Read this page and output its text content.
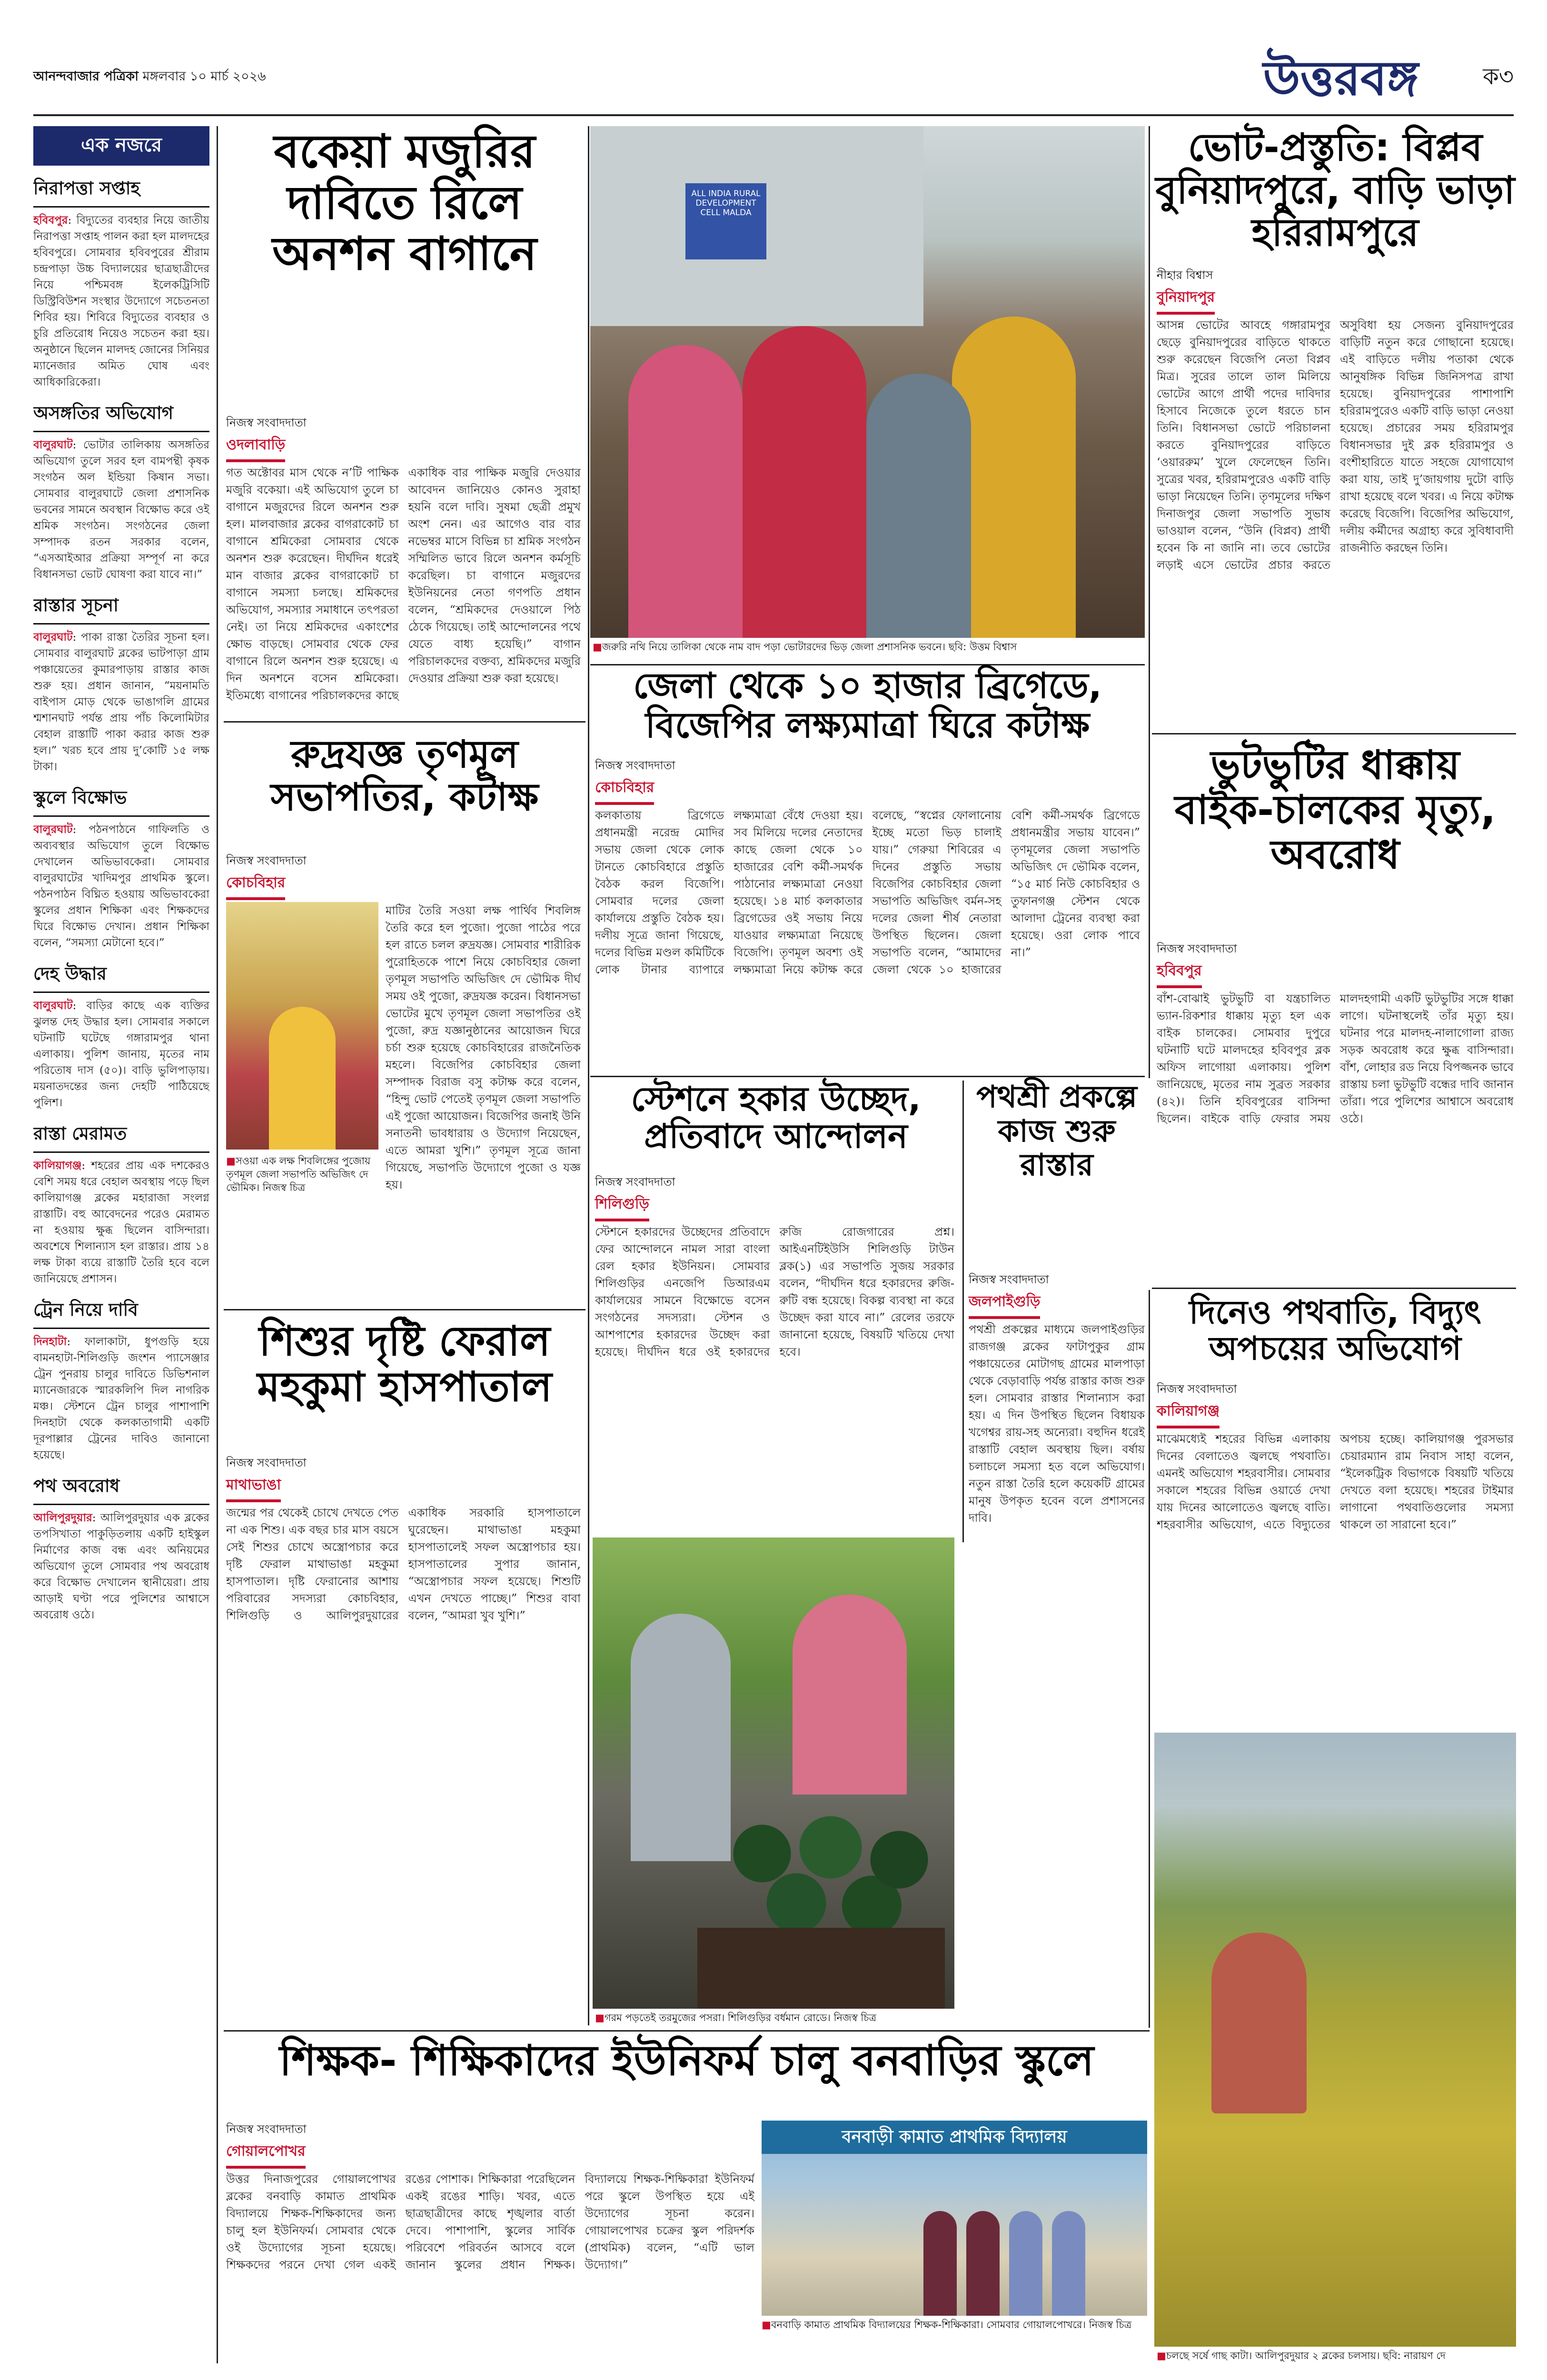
আনন্দবাজার পত্রিকা মঙ্গলবার ১০ মার্চ ২০২৬	উত্তরবঙ্গ	ক৩
এক নজরে
নিরাপত্তা সপ্তাহ
হবিবপুর: বিদ্যুতের ব্যবহার নিয়ে জাতীয় নিরাপত্তা সপ্তাহ পালন করা হল মালদহের হবিবপুরে। সোমবার হবিবপুরের শ্রীরাম চন্দ্রপাড়া উচ্চ বিদ্যালয়ের ছাত্রছাত্রীদের নিয়ে পশ্চিমবঙ্গ ইলেকট্রিসিটি ডিস্ট্রিবিউশন সংস্থার উদ্যোগে সচেতনতা শিবির হয়। শিবিরে বিদ্যুতের ব্যবহার ও চুরি প্রতিরোধ নিয়েও সচেতন করা হয়। অনুষ্ঠানে ছিলেন মালদহ জোনের সিনিয়র ম্যানেজার অমিত ঘোষ এবং আধিকারিকেরা।
অসঙ্গতির অভিযোগ
বালুরঘাট: ভোটার তালিকায় অসঙ্গতির অভিযোগ তুলে সরব হল বামপন্থী কৃষক সংগঠন অল ইন্ডিয়া কিষান সভা। সোমবার বালুরঘাটে জেলা প্রশাসনিক ভবনের সামনে অবস্থান বিক্ষোভ করে ওই শ্রমিক সংগঠন। সংগঠনের জেলা সম্পাদক রতন সরকার বলেন, “এসআইআর প্রক্রিয়া সম্পূর্ণ না করে বিধানসভা ভোট ঘোষণা করা যাবে না।”
রাস্তার সূচনা
বালুরঘাট: পাকা রাস্তা তৈরির সূচনা হল। সোমবার বালুরঘাট ব্লকের ভাটপাড়া গ্রাম পঞ্চায়েতের কুমারপাড়ায় রাস্তার কাজ শুরু হয়। প্রধান জানান, “ময়নামতি বাইপাস মোড় থেকে ভাঙাগলি গ্রামের শ্মশানঘাট পর্যন্ত প্রায় পাঁচ কিলোমিটার বেহাল রাস্তাটি পাকা করার কাজ শুরু হল।” খরচ হবে প্রায় দু’কোটি ১৫ লক্ষ টাকা।
স্কুলে বিক্ষোভ
বালুরঘাট: পঠনপাঠনে গাফিলতি ও অব্যবস্থার অভিযোগ তুলে বিক্ষোভ দেখালেন অভিভাবকেরা। সোমবার বালুরঘাটের খাদিমপুর প্রাথমিক স্কুলে। পঠনপাঠন বিঘ্নিত হওয়ায় অভিভাবকেরা স্কুলের প্রধান শিক্ষিকা এবং শিক্ষকদের ঘিরে বিক্ষোভ দেখান। প্রধান শিক্ষিকা বলেন, “সমস্যা মেটানো হবে।”
দেহ উদ্ধার
বালুরঘাট: বাড়ির কাছে এক ব্যক্তির ঝুলন্ত দেহ উদ্ধার হল। সোমবার সকালে ঘটনাটি ঘটেছে গঙ্গারামপুর থানা এলাকায়। পুলিশ জানায়, মৃতের নাম পরিতোষ দাস (৫০)। বাড়ি ভুলিপাড়ায়। ময়নাতদন্তের জন্য দেহটি পাঠিয়েছে পুলিশ।
রাস্তা মেরামত
কালিয়াগঞ্জ: শহরের প্রায় এক দশকেরও বেশি সময় ধরে বেহাল অবস্থায় পড়ে ছিল কালিয়াগঞ্জ ব্লকের মহারাজা সংলগ্ন রাস্তাটি। বহু আবেদনের পরেও মেরামত না হওয়ায় ক্ষুব্ধ ছিলেন বাসিন্দারা। অবশেষে শিলান্যাস হল রাস্তার। প্রায় ১৪ লক্ষ টাকা ব্যয়ে রাস্তাটি তৈরি হবে বলে জানিয়েছে প্রশাসন।
ট্রেন নিয়ে দাবি
দিনহাটা: ফালাকাটা, ধুপগুড়ি হয়ে বামনহাটা-শিলিগুড়ি জংশন প্যাসেঞ্জার ট্রেন পুনরায় চালুর দাবিতে ডিভিশনাল ম্যানেজারকে স্মারকলিপি দিল নাগরিক মঞ্চ। স্টেশনে ট্রেন চালুর পাশাপাশি দিনহাটা থেকে কলকাতাগামী একটি দূরপাল্লার ট্রেনের দাবিও জানানো হয়েছে।
পথ অবরোধ
আলিপুরদুয়ার: আলিপুরদুয়ার এক ব্লকের তপসিখাতা পাকুড়িতলায় একটি হাইস্কুল নির্মাণের কাজ বন্ধ এবং অনিয়মের অভিযোগ তুলে সোমবার পথ অবরোধ করে বিক্ষোভ দেখালেন স্থানীয়েরা। প্রায় আড়াই ঘণ্টা পরে পুলিশের আশ্বাসে অবরোধ ওঠে।
বকেয়া মজুরির দাবিতে রিলে অনশন বাগানে
নিজস্ব সংবাদদাতা
ওদলাবাড়ি
গত অক্টোবর মাস থেকে ন’টি পাক্ষিক মজুরি বকেয়া। এই অভিযোগ তুলে চা বাগানে মজুরদের রিলে অনশন শুরু হল। মালবাজার ব্লকের বাগরাকোট চা বাগানে শ্রমিকেরা সোমবার থেকে অনশন শুরু করেছেন। দীর্ঘদিন ধরেই মান বাজার ব্লকের বাগরাকোট চা বাগানে সমস্যা চলছে। শ্রমিকদের অভিযোগ, সমস্যার সমাধানে তৎপরতা নেই। তা নিয়ে শ্রমিকদের একাংশের ক্ষোভ বাড়ছে। সোমবার থেকে ফের বাগানে রিলে অনশন শুরু হয়েছে। এ দিন অনশনে বসেন শ্রমিকেরা। ইতিমধ্যে বাগানের পরিচালকদের কাছে একাধিক বার পাক্ষিক মজুরি দেওয়ার আবেদন জানিয়েও কোনও সুরাহা হয়নি বলে দাবি। সুষমা ছেত্রী প্রমুখ অংশ নেন। এর আগেও বার বার নভেম্বর মাসে বিভিন্ন চা শ্রমিক সংগঠন সম্মিলিত ভাবে রিলে অনশন কর্মসূচি করেছিল। চা বাগানে মজুরদের ইউনিয়নের নেতা গণপতি প্রধান বলেন, “শ্রমিকদের দেওয়ালে পিঠ ঠেকে গিয়েছে। তাই আন্দোলনের পথে যেতে বাধ্য হয়েছি।” বাগান পরিচালকদের বক্তব্য, শ্রমিকদের মজুরি দেওয়ার প্রক্রিয়া শুরু করা হয়েছে।
ALL INDIA RURAL DEVELOPMENT CELL MALDA
■ জরুরি নথি নিয়ে তালিকা থেকে নাম বাদ পড়া ভোটারদের ভিড় জেলা প্রশাসনিক ভবনে। ছবি: উত্তম বিশ্বাস
ভোট-প্রস্তুতি: বিপ্লব বুনিয়াদপুরে, বাড়ি ভাড়া হরিরামপুরে
নীহার বিশ্বাস
বুনিয়াদপুর
আসন্ন ভোটের আবহে গঙ্গারামপুর ছেড়ে বুনিয়াদপুরের বাড়িতে থাকতে শুরু করেছেন বিজেপি নেতা বিপ্লব মিত্র। সুরের তালে তাল মিলিয়ে ভোটের আগে প্রার্থী পদের দাবিদার হিসাবে নিজেকে তুলে ধরতে চান তিনি। বিধানসভা ভোটে পরিচালনা করতে বুনিয়াদপুরের বাড়িতে ‘ওয়াররুম’ খুলে ফেলেছেন তিনি। সুত্রের খবর, হরিরামপুরেও একটি বাড়ি ভাড়া নিয়েছেন তিনি। তৃণমূলের দক্ষিণ দিনাজপুর জেলা সভাপতি সুভাষ ভাওয়াল বলেন, “উনি (বিপ্লব) প্রার্থী হবেন কি না জানি না। তবে ভোটের লড়াই এসে ভোটের প্রচার করতে অসুবিধা হয় সেজন্য বুনিয়াদপুরের বাড়িটি নতুন করে গোছানো হয়েছে। এই বাড়িতে দলীয় পতাকা থেকে আনুষঙ্গিক বিভিন্ন জিনিসপত্র রাখা হয়েছে। বুনিয়াদপুরের পাশাপাশি হরিরামপুরেও একটি বাড়ি ভাড়া নেওয়া হয়েছে। প্রচারের সময় হরিরামপুর বিধানসভার দুই ব্লক হরিরামপুর ও বংশীহারিতে যাতে সহজে যোগাযোগ করা যায়, তাই দু’জায়গায় দুটো বাড়ি রাখা হয়েছে বলে খবর। এ নিয়ে কটাক্ষ করেছে বিজেপি। বিজেপির অভিযোগ, দলীয় কর্মীদের অগ্রাহ্য করে সুবিধাবাদী রাজনীতি করছেন তিনি।
রুদ্রযজ্ঞ তৃণমূল সভাপতির, কটাক্ষ
নিজস্ব সংবাদদাতা
কোচবিহার
■ সওয়া এক লক্ষ শিবলিঙ্গের পুজোয় তৃণমূল জেলা সভাপতি অভিজিৎ দে ভৌমিক। নিজস্ব চিত্র
মাটির তৈরি সওয়া লক্ষ পার্থিব শিবলিঙ্গ তৈরি করে হল পুজো। পুজো পাঠের পরে হল রাতে চলল রুদ্রযজ্ঞ। সোমবার শারীরিক পুরোহিতকে পাশে নিয়ে কোচবিহার জেলা তৃণমূল সভাপতি অভিজিৎ দে ভৌমিক দীর্ঘ সময় ওই পুজো, রুদ্রযজ্ঞ করেন। বিধানসভা ভোটের মুখে তৃণমূল জেলা সভাপতির ওই পুজো, রুদ্র যজ্ঞানুষ্ঠানের আয়োজন ঘিরে চর্চা শুরু হয়েছে কোচবিহারের রাজনৈতিক মহলে। বিজেপির কোচবিহার জেলা সম্পাদক বিরাজ বসু কটাক্ষ করে বলেন, “হিন্দু ভোট পেতেই তৃণমূল জেলা সভাপতি এই পুজো আয়োজন। বিজেপির জনাই উনি সনাতনী ভাবধারায় ও উদ্যোগ নিয়েছেন, এতে আমরা খুশি।” তৃণমূল সূত্রে জানা গিয়েছে, সভাপতি উদ্যোগে পুজো ও যজ্ঞ হয়।
জেলা থেকে ১০ হাজার ব্রিগেডে, বিজেপির লক্ষ্যমাত্রা ঘিরে কটাক্ষ
নিজস্ব সংবাদদাতা
কোচবিহার
কলকাতায় ব্রিগেডে প্রধানমন্ত্রী নরেন্দ্র মোদির সভায় জেলা থেকে লোক টানতে কোচবিহারে প্রস্তুতি বৈঠক করল বিজেপি। সোমবার দলের জেলা কার্যালয়ে প্রস্তুতি বৈঠক হয়। দলীয় সূত্রে জানা গিয়েছে, দলের বিভিন্ন মণ্ডল কমিটিকে লোক টানার ব্যাপারে লক্ষ্যমাত্রা বেঁধে দেওয়া হয়। সব মিলিয়ে দলের নেতাদের কাছে জেলা থেকে ১০ হাজারের বেশি কর্মী-সমর্থক পাঠানোর লক্ষ্যমাত্রা নেওয়া হয়েছে। ১৪ মার্চ কলকাতার ব্রিগেডের ওই সভায় নিয়ে যাওয়ার লক্ষ্যমাত্রা নিয়েছে বিজেপি। তৃণমূল অবশ্য ওই লক্ষ্যমাত্রা নিয়ে কটাক্ষ করে বলেছে, “স্বপ্নের ফোলানোয় ইচ্ছে মতো ভিড় চালাই যায়।” গেরুয়া শিবিরের এ দিনের প্রস্তুতি সভায় বিজেপির কোচবিহার জেলা সভাপতি অভিজিৎ বর্মন-সহ দলের জেলা শীর্ষ নেতারা উপস্থিত ছিলেন। জেলা সভাপতি বলেন, “আমাদের জেলা থেকে ১০ হাজারের বেশি কর্মী-সমর্থক ব্রিগেডে প্রধানমন্ত্রীর সভায় যাবেন।” তৃণমূলের জেলা সভাপতি অভিজিৎ দে ভৌমিক বলেন, “১৫ মার্চ নিউ কোচবিহার ও তুফানগঞ্জ স্টেশন থেকে আলাদা ট্রেনের ব্যবস্থা করা হয়েছে। ওরা লোক পাবে না।”
ভুটভুটির ধাক্কায় বাইক-চালকের মৃত্যু, অবরোধ
নিজস্ব সংবাদদাতা
হবিবপুর
বাঁশ-বোঝাই ভুটভুটি বা যন্ত্রচালিত ভ্যান-রিকশার ধাক্কায় মৃত্যু হল এক বাইক চালকের। সোমবার দুপুরে ঘটনাটি ঘটে মালদহের হবিবপুর ব্লক অফিস লাগোয়া এলাকায়। পুলিশ জানিয়েছে, মৃতের নাম সুব্রত সরকার (৪২)। তিনি হবিবপুরের বাসিন্দা ছিলেন। বাইকে বাড়ি ফেরার সময় মালদহগামী একটি ভুটভুটির সঙ্গে ধাক্কা লাগে। ঘটনাস্থলেই তাঁর মৃত্যু হয়। ঘটনার পরে মালদহ-নালাগোলা রাজ্য সড়ক অবরোধ করে ক্ষুব্ধ বাসিন্দারা। বাঁশ, লোহার রড নিয়ে বিপজ্জনক ভাবে রাস্তায় চলা ভুটভুটি বন্ধের দাবি জানান তাঁরা। পরে পুলিশের আশ্বাসে অবরোধ ওঠে।
স্টেশনে হকার উচ্ছেদ, প্রতিবাদে আন্দোলন
নিজস্ব সংবাদদাতা
শিলিগুড়ি
স্টেশনে হকারদের উচ্ছেদের প্রতিবাদে ফের আন্দোলনে নামল সারা বাংলা রেল হকার ইউনিয়ন। সোমবার শিলিগুড়ির এনজেপি ডিআরএম কার্যালয়ের সামনে বিক্ষোভে বসেন সংগঠনের সদস্যরা। স্টেশন ও আশপাশের হকারদের উচ্ছেদ করা হয়েছে। দীর্ঘদিন ধরে ওই হকারদের রুজি রোজগারের প্রশ্ন। আইএনটিইউসি শিলিগুড়ি টাউন ব্লক(১) এর সভাপতি সুজয় সরকার বলেন, “দীর্ঘদিন ধরে হকারদের রুজি-রুটি বন্ধ হয়েছে। বিকল্প ব্যবস্থা না করে উচ্ছেদ করা যাবে না।” রেলের তরফে জানানো হয়েছে, বিষয়টি খতিয়ে দেখা হবে।
পথশ্রী প্রকল্পে কাজ শুরু রাস্তার
নিজস্ব সংবাদদাতা
জলপাইগুড়ি
পথশ্রী প্রকল্পের মাধ্যমে জলপাইগুড়ির রাজগঞ্জ ব্লকের ফাটাপুকুর গ্রাম পঞ্চায়েতের মোটাগছ গ্রামের মালপাড়া থেকে বেড়াবাড়ি পর্যন্ত রাস্তার কাজ শুরু হল। সোমবার রাস্তার শিলান্যাস করা হয়। এ দিন উপস্থিত ছিলেন বিধায়ক খগেশ্বর রায়-সহ অন্যেরা। বহুদিন ধরেই রাস্তাটি বেহাল অবস্থায় ছিল। বর্ষায় চলাচলে সমস্যা হত বলে অভিযোগ। নতুন রাস্তা তৈরি হলে কয়েকটি গ্রামের মানুষ উপকৃত হবেন বলে প্রশাসনের দাবি।
দিনেও পথবাতি, বিদ্যুৎ অপচয়ের অভিযোগ
নিজস্ব সংবাদদাতা
কালিয়াগঞ্জ
মাঝেমধ্যেই শহরের বিভিন্ন এলাকায় দিনের বেলাতেও জ্বলছে পথবাতি। এমনই অভিযোগ শহরবাসীর। সোমবার সকালে শহরের বিভিন্ন ওয়ার্ডে দেখা যায় দিনের আলোতেও জ্বলছে বাতি। শহরবাসীর অভিযোগ, এতে বিদ্যুতের অপচয় হচ্ছে। কালিয়াগঞ্জ পুরসভার চেয়ারম্যান রাম নিবাস সাহা বলেন, “ইলেকট্রিক বিভাগকে বিষয়টি খতিয়ে দেখতে বলা হয়েছে। শহরের টাইমার লাগানো পথবাতিগুলোর সমস্যা থাকলে তা সারানো হবে।”
শিশুর দৃষ্টি ফেরাল মহকুমা হাসপাতাল
নিজস্ব সংবাদদাতা
মাথাভাঙা
জন্মের পর থেকেই চোখে দেখতে পেত না এক শিশু। এক বছর চার মাস বয়সে সেই শিশুর চোখে অস্ত্রোপচার করে দৃষ্টি ফেরাল মাথাভাঙা মহকুমা হাসপাতাল। দৃষ্টি ফেরানোর আশায় পরিবারের সদস্যরা কোচবিহার, শিলিগুড়ি ও আলিপুরদুয়ারের একাধিক সরকারি হাসপাতালে ঘুরেছেন। মাথাভাঙা মহকুমা হাসপাতালেই সফল অস্ত্রোপচার হয়। হাসপাতালের সুপার জানান, “অস্ত্রোপচার সফল হয়েছে। শিশুটি এখন দেখতে পাচ্ছে।” শিশুর বাবা বলেন, “আমরা খুব খুশি।”
■ গরম পড়তেই তরমুজের পসরা। শিলিগুড়ির বর্ধমান রোডে। নিজস্ব চিত্র
■ চলছে সর্ষে গাছ কাটা। আলিপুরদুয়ার ২ ব্লকের চলসায়। ছবি: নারায়ণ দে
শিক্ষক- শিক্ষিকাদের ইউনিফর্ম চালু বনবাড়ির স্কুলে
নিজস্ব সংবাদদাতা
গোয়ালপোখর
উত্তর দিনাজপুরের গোয়ালপোখর ব্লকের বনবাড়ি কামাত প্রাথমিক বিদ্যালয়ে শিক্ষক-শিক্ষিকাদের জন্য চালু হল ইউনিফর্ম। সোমবার থেকে ওই উদ্যোগের সূচনা হয়েছে। শিক্ষকদের পরনে দেখা গেল একই রঙের পোশাক। শিক্ষিকারা পরেছিলেন একই রঙের শাড়ি। খবর, এতে ছাত্রছাত্রীদের কাছে শৃঙ্খলার বার্তা দেবে। পাশাপাশি, স্কুলের সার্বিক পরিবেশে পরিবর্তন আসবে বলে জানান স্কুলের প্রধান শিক্ষক। বিদ্যালয়ে শিক্ষক-শিক্ষিকারা ইউনিফর্ম পরে স্কুলে উপস্থিত হয়ে এই উদ্যোগের সূচনা করেন। গোয়ালপোখর চক্রের স্কুল পরিদর্শক (প্রাথমিক) বলেন, “এটি ভাল উদ্যোগ।”
বনবাড়ী কামাত প্রাথমিক বিদ্যালয়
■ বনবাড়ি কামাত প্রাথমিক বিদ্যালয়ের শিক্ষক-শিক্ষিকারা। সোমবার গোয়ালপোখরে। নিজস্ব চিত্র
